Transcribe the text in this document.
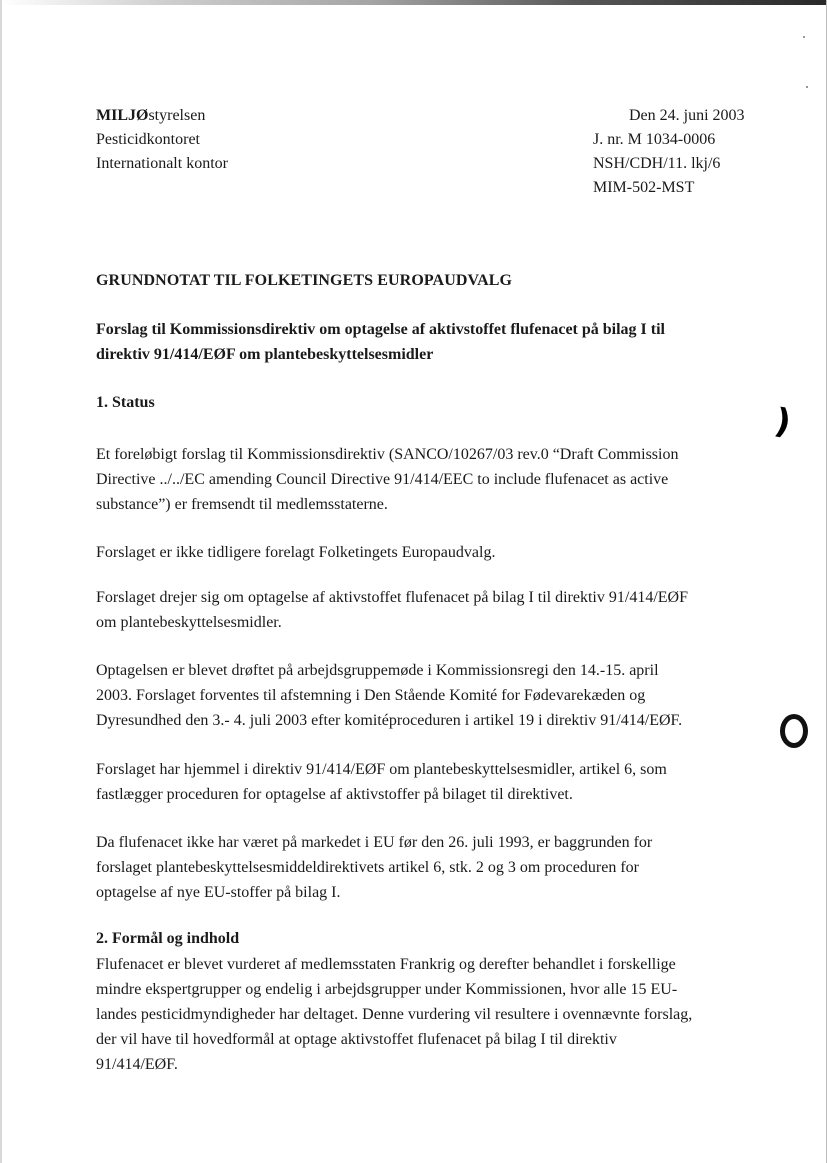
MILJØstyrelsen
Pesticidkontoret
Internationalt kontor
Den 24. juni 2003
J. nr. M 1034-0006
NSH/CDH/11. lkj/6
MIM-502-MST
GRUNDNOTAT TIL FOLKETINGETS EUROPAUDVALG
Forslag til Kommissionsdirektiv om optagelse af aktivstoffet flufenacet på bilag I til
direktiv 91/414/EØF om plantebeskyttelsesmidler
1. Status
Et foreløbigt forslag til Kommissionsdirektiv (SANCO/10267/03 rev.0 “Draft Commission
Directive ../../EC amending Council Directive 91/414/EEC to include flufenacet as active
substance”) er fremsendt til medlemsstaterne.
Forslaget er ikke tidligere forelagt Folketingets Europaudvalg.
Forslaget drejer sig om optagelse af aktivstoffet flufenacet på bilag I til direktiv 91/414/EØF
om plantebeskyttelsesmidler.
Optagelsen er blevet drøftet på arbejdsgruppemøde i Kommissionsregi den 14.-15. april
2003. Forslaget forventes til afstemning i Den Stående Komité for Fødevarekæden og
Dyresundhed den 3.- 4. juli 2003 efter komitéproceduren i artikel 19 i direktiv 91/414/EØF.
Forslaget har hjemmel i direktiv 91/414/EØF om plantebeskyttelsesmidler, artikel 6, som
fastlægger proceduren for optagelse af aktivstoffer på bilaget til direktivet.
Da flufenacet ikke har været på markedet i EU før den 26. juli 1993, er baggrunden for
forslaget plantebeskyttelsesmiddeldirektivets artikel 6, stk. 2 og 3 om proceduren for
optagelse af nye EU-stoffer på bilag I.
2. Formål og indhold
Flufenacet er blevet vurderet af medlemsstaten Frankrig og derefter behandlet i forskellige
mindre ekspertgrupper og endelig i arbejdsgrupper under Kommissionen, hvor alle 15 EU-
landes pesticidmyndigheder har deltaget. Denne vurdering vil resultere i ovennævnte forslag,
der vil have til hovedformål at optage aktivstoffet flufenacet på bilag I til direktiv
91/414/EØF.
)
